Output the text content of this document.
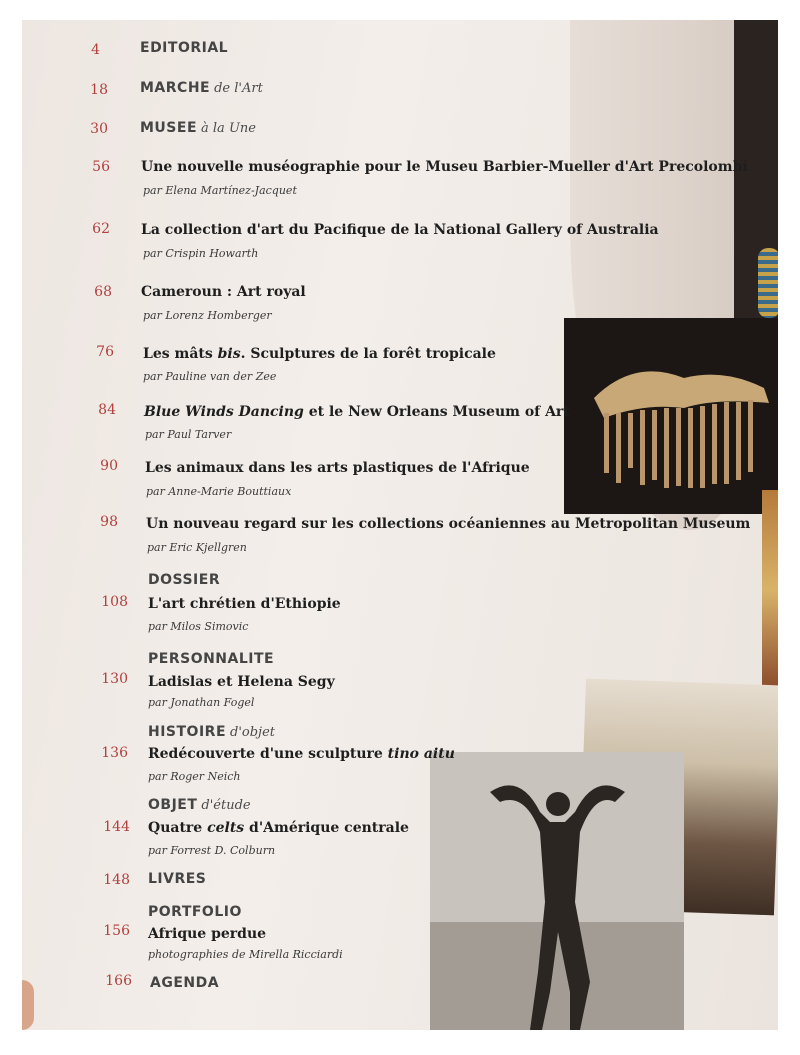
4	EDITORIAL
18 MARCHE de l'Art
30 MUSEE à la Une
56 Une nouvelle muséographie pour le Museu Barbier-Mueller d'Art Precolombí
par Elena Martínez-Jacquet
62 La collection d'art du Pacifique de la National Gallery of Australia
par Crispin Howarth
68 Cameroun : Art royal
par Lorenz Homberger
76 Les mâts bis. Sculptures de la forêt tropicale
par Pauline van der Zee
84 Blue Winds Dancing et le New Orleans Museum of Art
par Paul Tarver
90 Les animaux dans les arts plastiques de l'Afrique
par Anne-Marie Bouttiaux
98 Un nouveau regard sur les collections océaniennes au Metropolitan Museum
par Eric Kjellgren
DOSSIER
108 L'art chrétien d'Ethiopie
par Milos Simovic
PERSONNALITE
130 Ladislas et Helena Segy
par Jonathan Fogel
HISTOIRE d'objet
136 Redécouverte d'une sculpture tino aitu
par Roger Neich
OBJET d'étude
144 Quatre celts d'Amérique centrale
par Forrest D. Colburn
148 LIVRES
PORTFOLIO
156 Afrique perdue
photographies de Mirella Ricciardi
166 AGENDA
